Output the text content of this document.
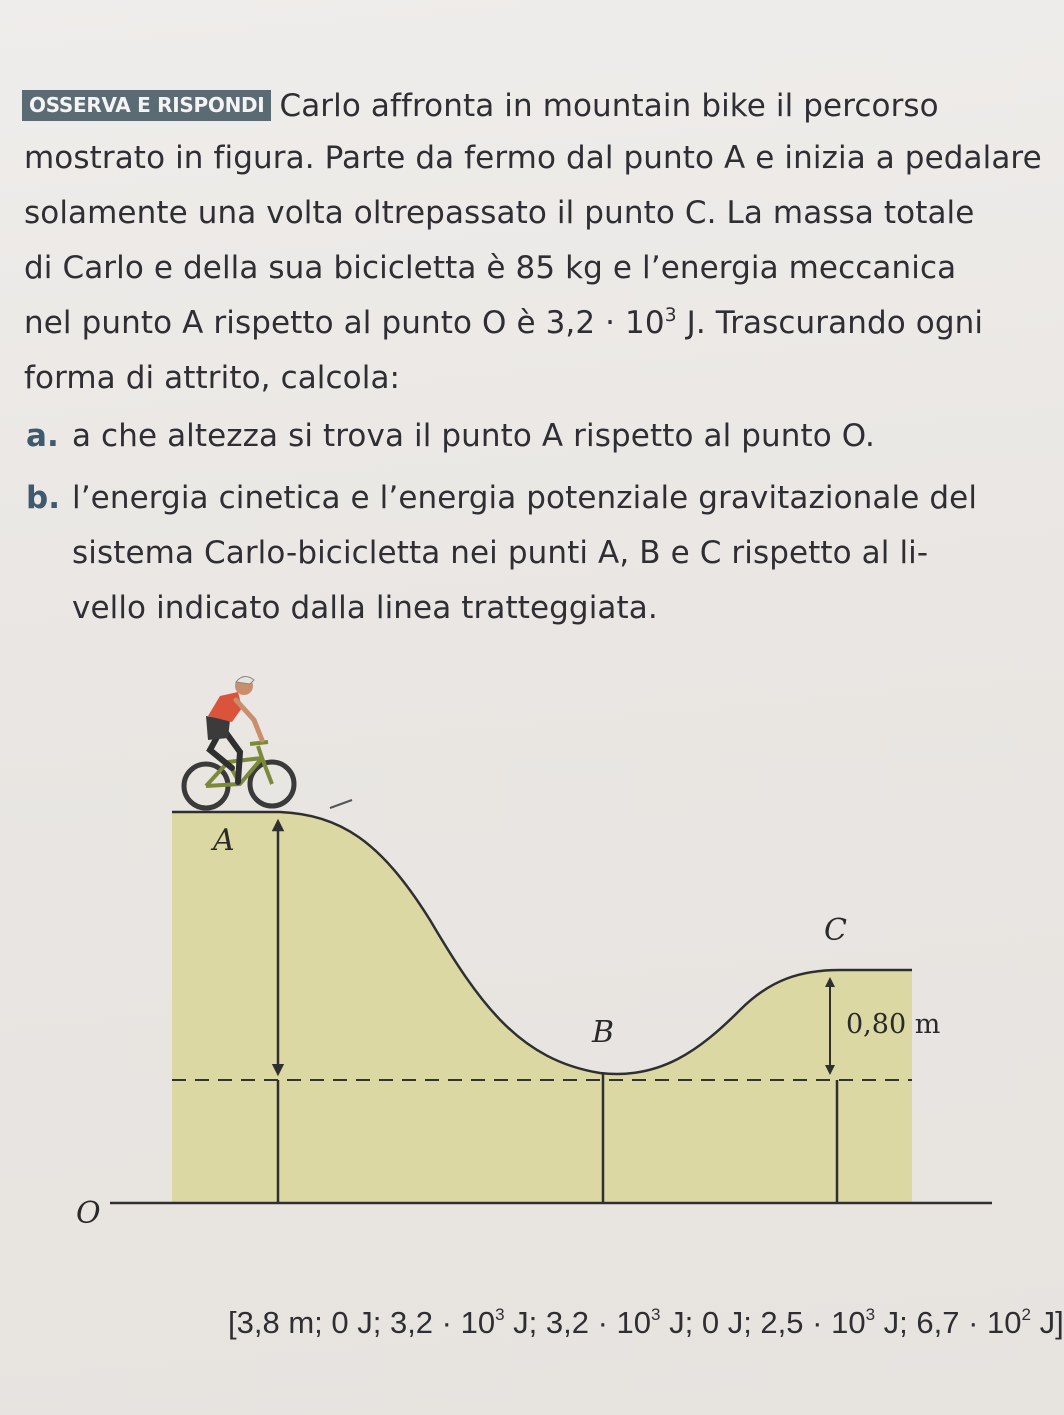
OSSERVA E RISPONDI Carlo affronta in mountain bike il percorso
mostrato in figura. Parte da fermo dal punto A e inizia a pedalare
solamente una volta oltrepassato il punto C. La massa totale
di Carlo e della sua bicicletta è 85 kg e l’energia meccanica
nel punto A rispetto al punto O è $3,2 \cdot 10^3$ J. Trascurando ogni
forma di attrito, calcola:
a. a che altezza si trova il punto A rispetto al punto O.
b. l’energia cinetica e l’energia potenziale gravitazionale del
sistema Carlo-bicicletta nei punti A, B e C rispetto al li-
vello indicato dalla linea tratteggiata.
A
B
C
O
0,80 m
[3,8 m; 0 J; $3,2 \cdot 10^3$ J; $3,2 \cdot 10^3$ J; 0 J; $2,5 \cdot 10^3$ J; $6,7 \cdot 10^2$ J]
